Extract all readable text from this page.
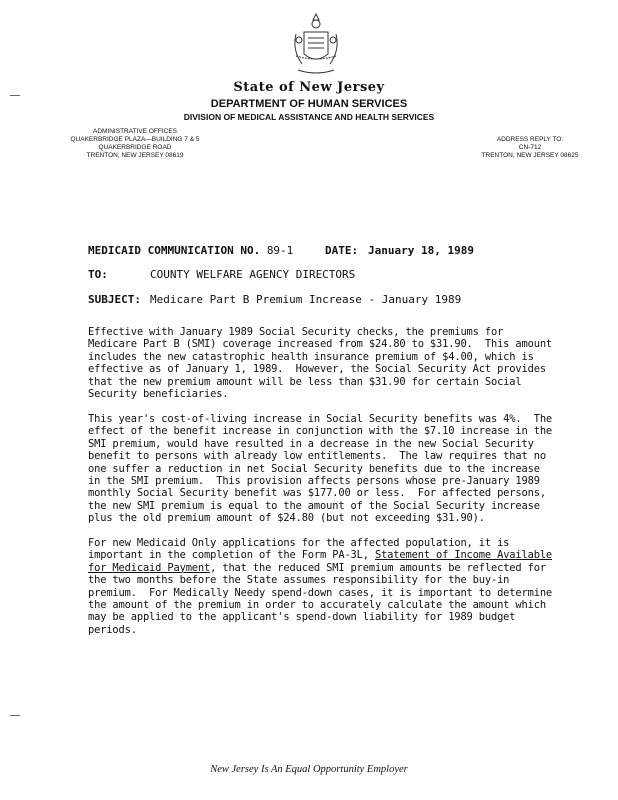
State of New Jersey
DEPARTMENT OF HUMAN SERVICES
DIVISION OF MEDICAL ASSISTANCE AND HEALTH SERVICES
ADMINISTRATIVE OFFICES
QUAKERBRIDGE PLAZA—BUILDING 7 & 5
QUAKERBRIDGE ROAD
TRENTON, NEW JERSEY 08619
ADDRESS REPLY TO:
CN-712
TRENTON, NEW JERSEY 08625
MEDICAID COMMUNICATION NO. 89-1	DATE: January 18, 1989
TO:	COUNTY WELFARE AGENCY DIRECTORS
SUBJECT: Medicare Part B Premium Increase - January 1989
Effective with January 1989 Social Security checks, the premiums for
Medicare Part B (SMI) coverage increased from $24.80 to $31.90.  This amount
includes the new catastrophic health insurance premium of $4.00, which is
effective as of January 1, 1989.  However, the Social Security Act provides
that the new premium amount will be less than $31.90 for certain Social
Security beneficiaries.
This year's cost-of-living increase in Social Security benefits was 4%.  The
effect of the benefit increase in conjunction with the $7.10 increase in the
SMI premium, would have resulted in a decrease in the new Social Security
benefit to persons with already low entitlements.  The law requires that no
one suffer a reduction in net Social Security benefits due to the increase
in the SMI premium.  This provision affects persons whose pre-January 1989
monthly Social Security benefit was $177.00 or less.  For affected persons,
the new SMI premium is equal to the amount of the Social Security increase
plus the old premium amount of $24.80 (but not exceeding $31.90).
For new Medicaid Only applications for the affected population, it is
important in the completion of the Form PA-3L, Statement of Income Available
for Medicaid Payment, that the reduced SMI premium amounts be reflected for
the two months before the State assumes responsibility for the buy-in
premium.  For Medically Needy spend-down cases, it is important to determine
the amount of the premium in order to accurately calculate the amount which
may be applied to the applicant's spend-down liability for 1989 budget
periods.
New Jersey Is An Equal Opportunity Employer
